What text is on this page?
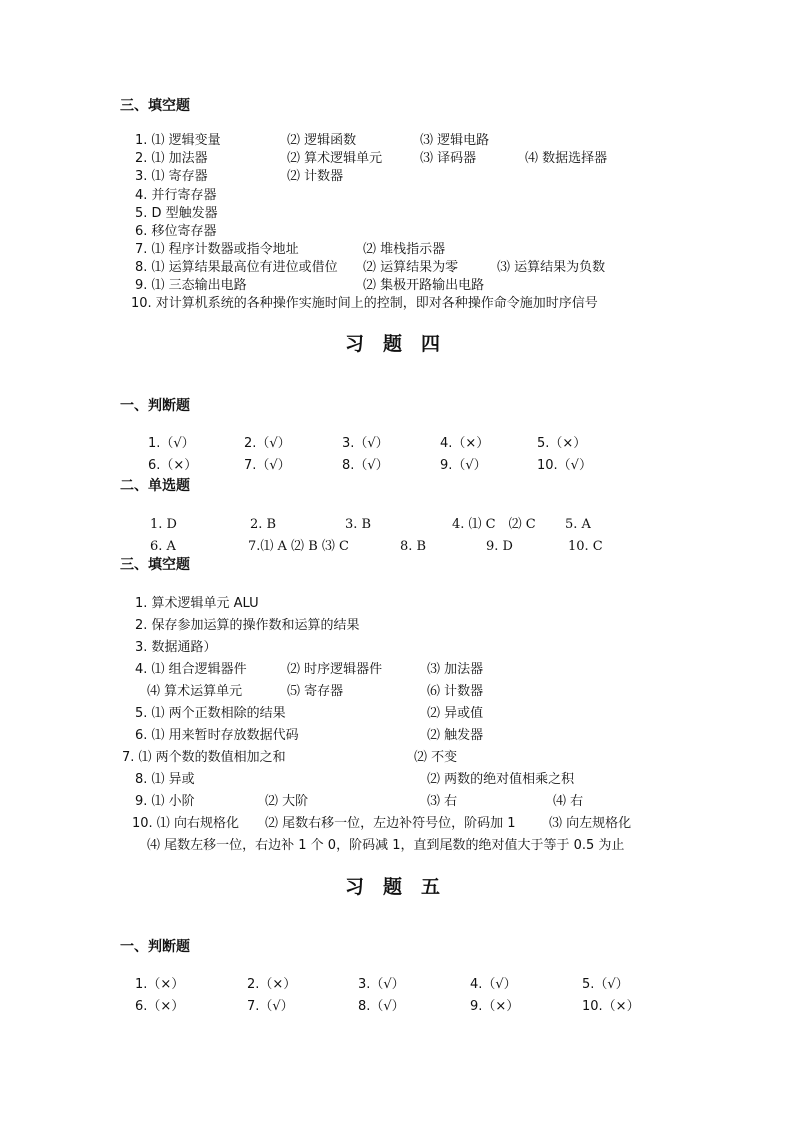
三、填空题
1. ⑴ 逻辑变量	⑵ 逻辑函数	⑶ 逻辑电路
2. ⑴ 加法器	⑵ 算术逻辑单元	⑶ 译码器	⑷ 数据选择器
3. ⑴ 寄存器	⑵ 计数器
4. 并行寄存器
5. D 型触发器
6. 移位寄存器
7. ⑴ 程序计数器或指令地址	⑵ 堆栈指示器
8. ⑴ 运算结果最高位有进位或借位 ⑵ 运算结果为零	⑶ 运算结果为负数
9. ⑴ 三态输出电路	⑵ 集极开路输出电路
10. 对计算机系统的各种操作实施时间上的控制，即对各种操作命令施加时序信号
习　题　四
一、判断题
1.（√）	2.（√）	3.（√）	4.（×）	5.（×）
6.（×）	7.（√）	8.（√）	9.（√）	10.（√）
二、单选题
1. D	2. B	3. B	4. ⑴ C　⑵ C 5. A
6. A	7.⑴ A ⑵ B ⑶ C	8. B	9. D	10. C
三、填空题
1. 算术逻辑单元 ALU
2. 保存参加运算的操作数和运算的结果
3. 数据通路）
4. ⑴ 组合逻辑器件	⑵ 时序逻辑器件	⑶ 加法器
⑷ 算术运算单元	⑸ 寄存器	⑹ 计数器
5. ⑴ 两个正数相除的结果	⑵ 异或值
6. ⑴ 用来暂时存放数据代码	⑵ 触发器
7. ⑴ 两个数的数值相加之和	⑵ 不变
8. ⑴ 异或	⑵ 两数的绝对值相乘之积
9. ⑴ 小阶	⑵ 大阶	⑶ 右	⑷ 右
10. ⑴ 向右规格化 ⑵ 尾数右移一位，左边补符号位，阶码加 1	⑶ 向左规格化
⑷ 尾数左移一位，右边补 1 个 0，阶码减 1，直到尾数的绝对值大于等于 0.5 为止
习　题　五
一、判断题
1.（×）	2.（×）	3.（√）	4.（√）	5.（√）
6.（×）	7.（√）	8.（√）	9.（×）	10.（×）
